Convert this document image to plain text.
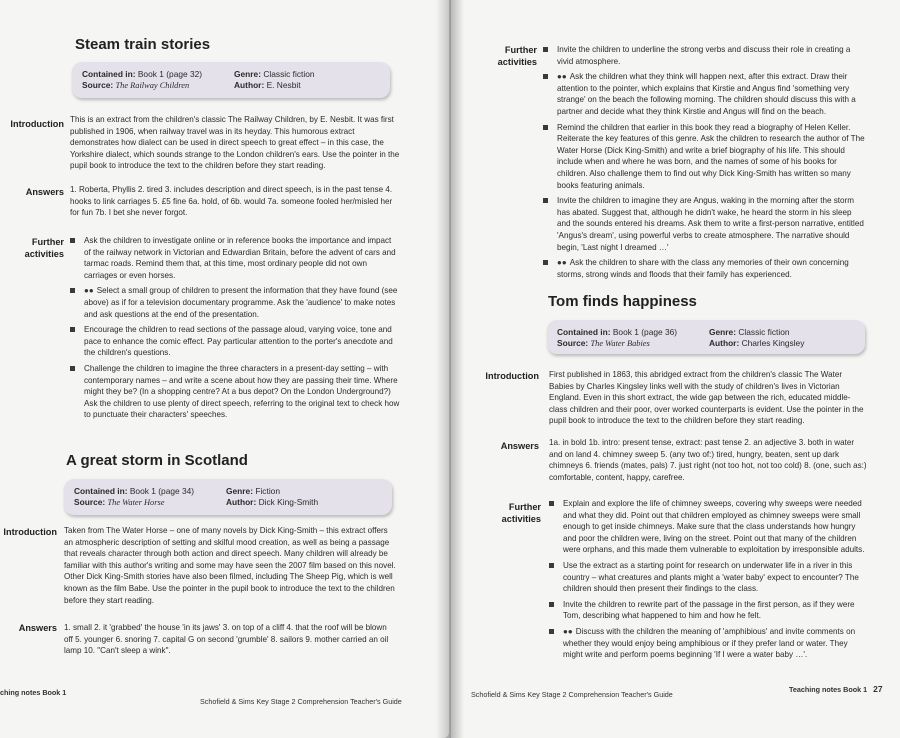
Steam train stories
Contained in: Book 1 (page 32)	Genre: Classic fiction
Source: The Railway Children	Author: E. Nesbit
Introduction This is an extract from the children's classic The Railway Children, by E. Nesbit. It was first published in 1906, when railway travel was in its heyday. This humorous extract demonstrates how dialect can be used in direct speech to great effect – in this case, the Yorkshire dialect, which sounds strange to the London children's ears. Use the pointer in the pupil book to introduce the text to the children before they start reading.
Answers 1. Roberta, Phyllis 2. tired 3. includes description and direct speech, is in the past tense 4. hooks to link carriages 5. £5 fine 6a. hold, of 6b. would 7a. someone fooled her/misled her for fun 7b. I bet she never forgot.
Further activities
Ask the children to investigate online or in reference books the importance and impact of the railway network in Victorian and Edwardian Britain, before the advent of cars and tarmac roads. Remind them that, at this time, most ordinary people did not own carriages or even horses.
●● Select a small group of children to present the information that they have found (see above) as if for a television documentary programme. Ask the 'audience' to make notes and ask questions at the end of the presentation.
Encourage the children to read sections of the passage aloud, varying voice, tone and pace to enhance the comic effect. Pay particular attention to the porter's anecdote and the children's questions.
Challenge the children to imagine the three characters in a present-day setting – with contemporary names – and write a scene about how they are passing their time. Where might they be? (In a shopping centre? At a bus depot? On the London Underground?) Ask the children to use plenty of direct speech, referring to the original text to check how to punctuate their characters' speeches.
A great storm in Scotland
Contained in: Book 1 (page 34)	Genre: Fiction
Source: The Water Horse	Author: Dick King-Smith
Introduction Taken from The Water Horse – one of many novels by Dick King-Smith – this extract offers an atmospheric description of setting and skilful mood creation, as well as being a passage that reveals character through both action and direct speech. Many children will already be familiar with this author's writing and some may have seen the 2007 film based on this novel. Other Dick King-Smith stories have also been filmed, including The Sheep Pig, which is well known as the film Babe. Use the pointer in the pupil book to introduce the text to the children before they start reading.
Answers 1. small 2. it 'grabbed' the house 'in its jaws' 3. on top of a cliff 4. that the roof will be blown off 5. younger 6. snoring 7. capital G on second 'grumble' 8. sailors 9. mother carried an oil lamp 10. "Can't sleep a wink".
ching notes Book 1
Schofield & Sims Key Stage 2 Comprehension Teacher's Guide
Further activities
Invite the children to underline the strong verbs and discuss their role in creating a vivid atmosphere.
●● Ask the children what they think will happen next, after this extract. Draw their attention to the pointer, which explains that Kirstie and Angus find 'something very strange' on the beach the following morning. The children should discuss this with a partner and decide what they think Kirstie and Angus will find on the beach.
Remind the children that earlier in this book they read a biography of Helen Keller. Reiterate the key features of this genre. Ask the children to research the author of The Water Horse (Dick King-Smith) and write a brief biography of his life. This should include when and where he was born, and the names of some of his books for children. Also challenge them to find out why Dick King-Smith has written so many books featuring animals.
Invite the children to imagine they are Angus, waking in the morning after the storm has abated. Suggest that, although he didn't wake, he heard the storm in his sleep and the sounds entered his dreams. Ask them to write a first-person narrative, entitled 'Angus's dream', using powerful verbs to create atmosphere. The narrative should begin, 'Last night I dreamed …'
●● Ask the children to share with the class any memories of their own concerning storms, strong winds and floods that their family has experienced.
Tom finds happiness
Contained in: Book 1 (page 36)	Genre: Classic fiction
Source: The Water Babies	Author: Charles Kingsley
Introduction First published in 1863, this abridged extract from the children's classic The Water Babies by Charles Kingsley links well with the study of children's lives in Victorian England. Even in this short extract, the wide gap between the rich, educated middle-class children and their poor, over worked counterparts is evident. Use the pointer in the pupil book to introduce the text to the children before they start reading.
Answers 1a. in bold 1b. intro: present tense, extract: past tense 2. an adjective 3. both in water and on land 4. chimney sweep 5. (any two of:) tired, hungry, beaten, sent up dark chimneys 6. friends (mates, pals) 7. just right (not too hot, not too cold) 8. (one, such as:) comfortable, content, happy, carefree.
Further activities
Explain and explore the life of chimney sweeps, covering why sweeps were needed and what they did. Point out that children employed as chimney sweeps were small enough to get inside chimneys. Make sure that the class understands how hungry and poor the children were, living on the street. Point out that many of the children were orphans, and this made them vulnerable to exploitation by irresponsible adults.
Use the extract as a starting point for research on underwater life in a river in this country – what creatures and plants might a 'water baby' expect to encounter? The children should then present their findings to the class.
Invite the children to rewrite part of the passage in the first person, as if they were Tom, describing what happened to him and how he felt.
●● Discuss with the children the meaning of 'amphibious' and invite comments on whether they would enjoy being amphibious or if they prefer land or water. They might write and perform poems beginning 'If I were a water baby …'.
Schofield & Sims Key Stage 2 Comprehension Teacher's Guide
Teaching notes Book 1 27
